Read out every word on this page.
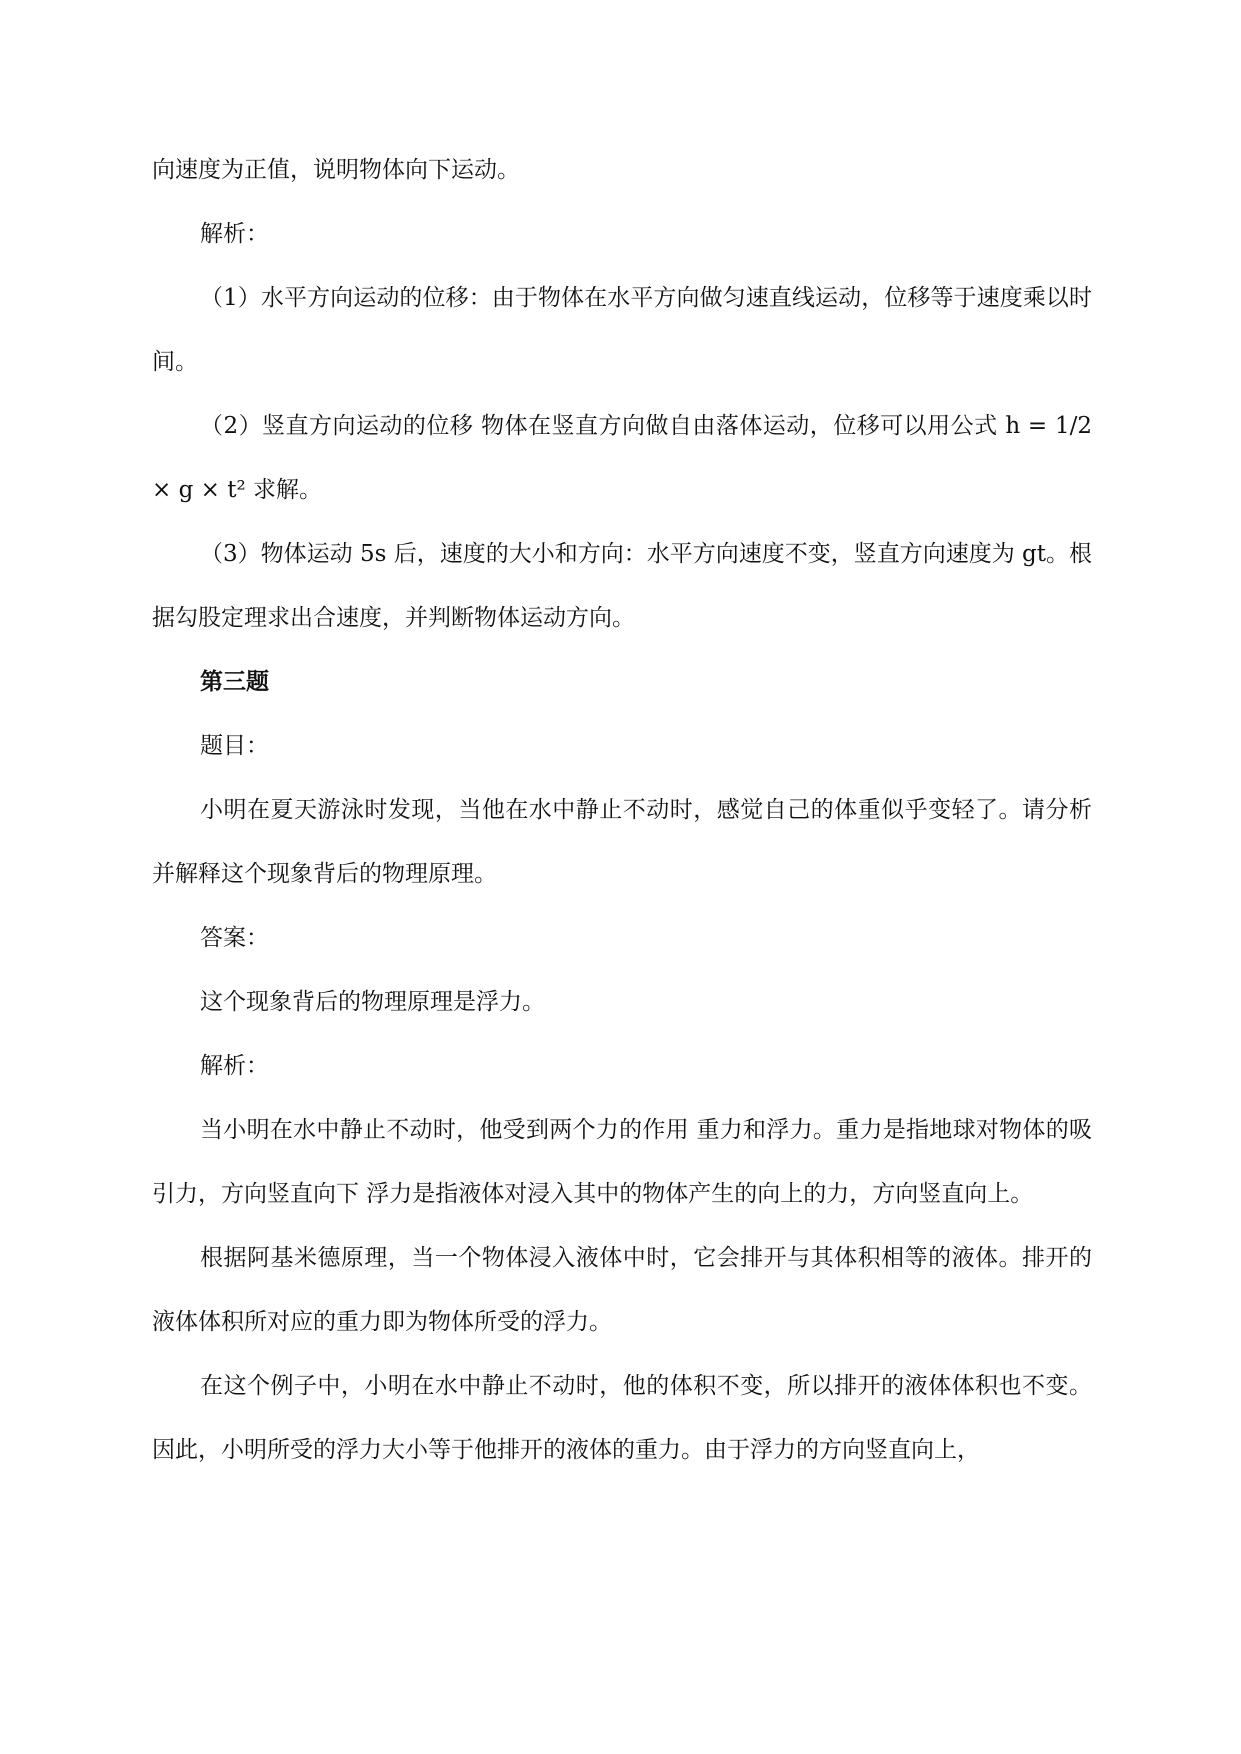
向速度为正值，说明物体向下运动。

解析：

（1）水平方向运动的位移：由于物体在水平方向做匀速直线运动，位移等于速度乘以时间。

（2）竖直方向运动的位移 物体在竖直方向做自由落体运动，位移可以用公式 h = 1/2 × g × t² 求解。

（3）物体运动 5s 后，速度的大小和方向：水平方向速度不变，竖直方向速度为 gt。根据勾股定理求出合速度，并判断物体运动方向。

第三题

题目：

小明在夏天游泳时发现，当他在水中静止不动时，感觉自己的体重似乎变轻了。请分析并解释这个现象背后的物理原理。

答案：

这个现象背后的物理原理是浮力。

解析：

当小明在水中静止不动时，他受到两个力的作用 重力和浮力。重力是指地球对物体的吸引力，方向竖直向下 浮力是指液体对浸入其中的物体产生的向上的力，方向竖直向上。

根据阿基米德原理，当一个物体浸入液体中时，它会排开与其体积相等的液体。排开的液体体积所对应的重力即为物体所受的浮力。

在这个例子中，小明在水中静止不动时，他的体积不变，所以排开的液体体积也不变。因此，小明所受的浮力大小等于他排开的液体的重力。由于浮力的方向竖直向上，
